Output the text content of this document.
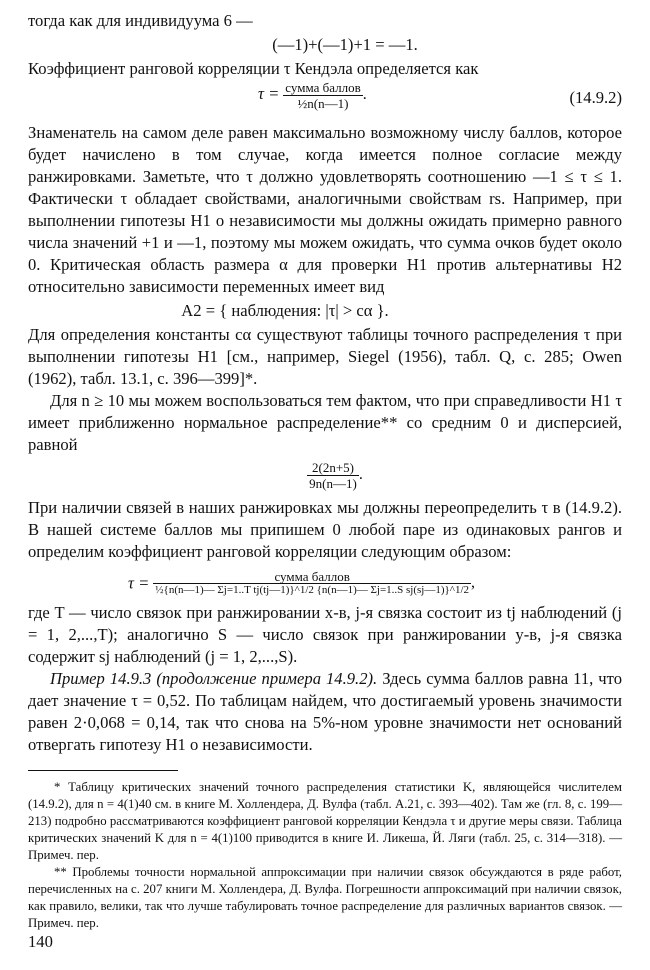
тогда как для индивидуума 6 —

(—1)+(—1)+1 = —1.

Коэффициент ранговой корреляции τ Кендэла определяется как

$\tau = \frac{\text{сумма баллов}}{\text{½n(n—1)}}$ .	(14.9.2)

Знаменатель на самом деле равен максимально возможному числу баллов, которое будет начислено в том случае, когда имеется полное согласие между ранжировками. Заметьте, что τ должно удовлетворять соотношению —1 ≤ τ ≤ 1. Фактически τ обладает свойствами, аналогичными свойствам rs. Например, при выполнении гипотезы H1 о независимости мы должны ожидать примерно равного числа значений +1 и —1, поэтому мы можем ожидать, что сумма очков будет около 0. Критическая область размера α для проверки H1 против альтернативы H2 относительно зависимости переменных имеет вид

A2 = { наблюдения: |τ| > cα }.

Для определения константы cα существуют таблицы точного распределения τ при выполнении гипотезы H1 [см., например, Siegel (1956), табл. Q, с. 285; Owen (1962), табл. 13.1, с. 396—399]*.

Для n ≥ 10 мы можем воспользоваться тем фактом, что при справедливости H1 τ имеет приближенно нормальное распределение** со средним 0 и дисперсией, равной

$\frac{2(2n+5)}{9n(n—1)}$ .

При наличии связей в наших ранжировках мы должны переопределить τ в (14.9.2). В нашей системе баллов мы припишем 0 любой паре из одинаковых рангов и определим коэффициент ранговой корреляции следующим образом:

τ =	сумма баллов
½{n(n—1)— Σj=1..T tj(tj—1)}^1/2 {n(n—1)— Σj=1..S sj(sj—1)}^1/2 ,

где T — число связок при ранжировании x-в, j-я связка состоит из tj наблюдений (j = 1, 2,...,T); аналогично S — число связок при ранжировании y-в, j-я связка содержит sj наблюдений (j = 1, 2,...,S).

Пример 14.9.3 (продолжение примера 14.9.2). Здесь сумма баллов равна 11, что дает значение τ = 0,52. По таблицам найдем, что достигаемый уровень значимости равен 2·0,068 = 0,14, так что снова на 5%-ном уровне значимости нет оснований отвергать гипотезу H1 о независимости.

* Таблицу критических значений точного распределения статистики K, являющейся числителем (14.9.2), для n = 4(1)40 см. в книге М. Холлендера, Д. Вулфа (табл. А.21, с. 393—402). Там же (гл. 8, с. 199—213) подробно рассматриваются коэффициент ранговой корреляции Кендэла τ и другие меры связи. Таблица критических значений K для n = 4(1)100 приводится в книге И. Ликеша, Й. Ляги (табл. 25, с. 314—318). — Примеч. пер.

** Проблемы точности нормальной аппроксимации при наличии связок обсуждаются в ряде работ, перечисленных на с. 207 книги М. Холлендера, Д. Вулфа. Погрешности аппроксимаций при наличии связок, как правило, велики, так что лучше табулировать точное распределение для различных вариантов связок. — Примеч. пер.

140
